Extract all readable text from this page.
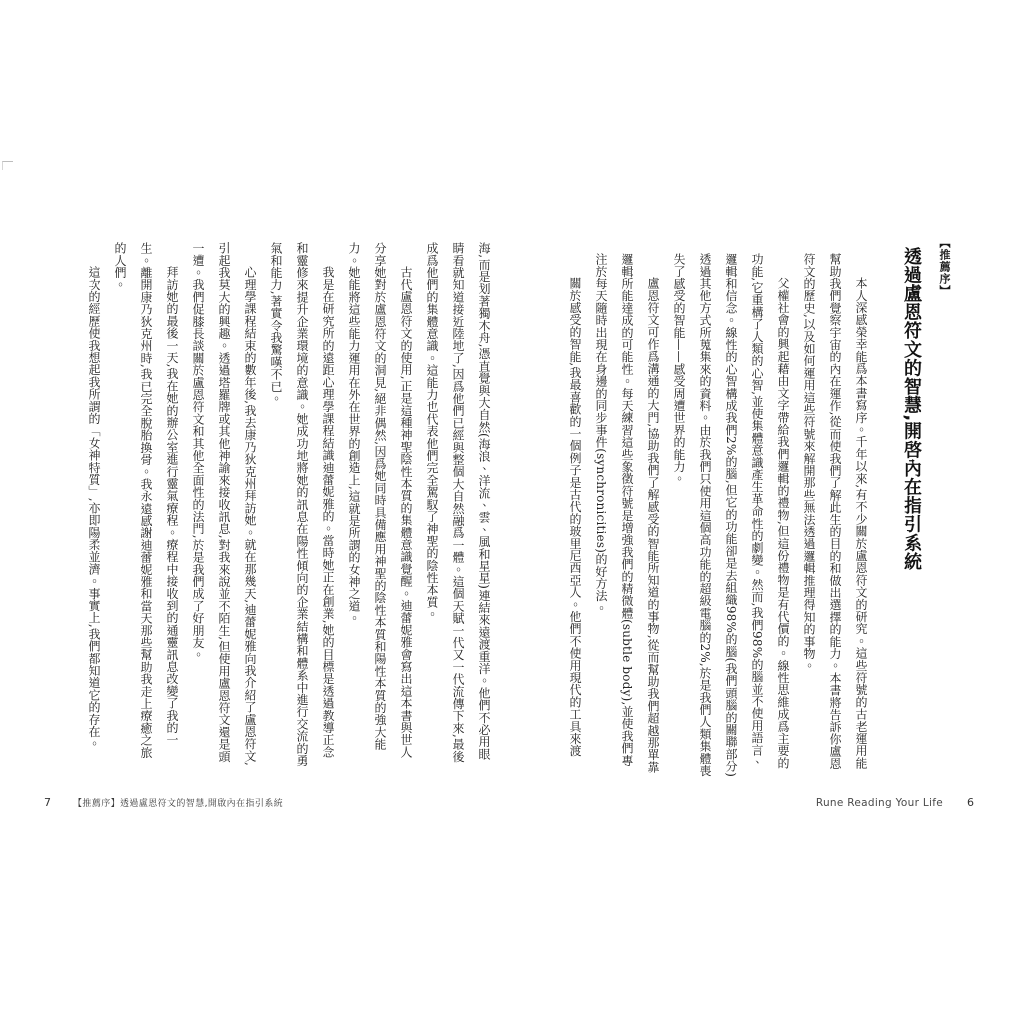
【推薦序】
透過盧恩符文的智慧,開啓內在指引系統

本人深感榮幸能爲本書寫序。千年以來,有不少關於盧恩符文的研究。這些符號的古老運用能幫助我們覺察宇宙的內在運作,從而使我們了解此生的目的和做出選擇的能力。本書將告訴你盧恩符文的歷史,以及如何運用這些符號來解開那些無法透過邏輯推理得知的事物。

父權社會的興起藉由文字帶給我們邏輯的禮物,但這份禮物是有代價的。線性思維成爲主要的功能,它重構了人類的心智,並使集體意識產生革命性的劇變。然而,我們98%的腦並不使用語言、邏輯和信念。線性的心智構成我們2%的腦,但它的功能卻是去組織98%的腦(我們頭腦的關聯部分)透過其他方式所蒐集來的資料。由於我們只使用這個高功能的超級電腦的2%,於是我們人類集體喪失了感受的智能——感受周遭世界的能力。

盧恩符文可作爲溝通的大門,協助我們了解感受的智能所知道的事物,從而幫助我們超越那單靠邏輯所能達成的可能性。每天練習這些象徵符號是增強我們的精微體(subtle body),並使我們專注於每天隨時出現在身邊的同步事件(synchronicities)的好方法。

關於感受的智能,我最喜歡的一個例子是古代的玻里尼西亞人。他們不使用現代的工具來渡

海,而是划著獨木舟,憑直覺與大自然(海浪、洋流、雲、風和星星)連結來遠渡重洋。他們不必用眼睛看就知道接近陸地了,因爲他們已經與整個大自然融爲一體。這個天賦一代又一代流傳下來,最後成爲他們的集體意識。這能力也代表他們完全駕馭了神聖的陰性本質。

古代盧恩符文的使用,正是這種神聖陰性本質的集體意識覺醒。迪蕾妮雅會寫出這本書與世人分享她對於盧恩符文的洞見,絕非偶然,因爲她同時具備應用神聖的陰性本質和陽性本質的強大能力。她能將這些能力運用在外在世界的創造上,這就是所謂的女神之道。

我是在研究所的遠距心理學課程結識迪蕾妮雅的。當時她正在創業,她的目標是透過教導正念和靈修來提升企業環境的意識。她成功地將她的訊息在陽性傾向的企業結構和體系中進行交流的勇氣和能力,著實令我驚嘆不已。

心理學課程結束的數年後,我去康乃狄克州拜訪她。就在那幾天,迪蕾妮雅向我介紹了盧恩符文,引起我莫大的興趣。透過塔羅牌或其他神諭來接收訊息,對我來說並不陌生,但使用盧恩符文還是頭一遭。我們促膝長談關於盧恩符文和其他全面性的法門,於是我們成了好朋友。

拜訪她的最後一天,我在她的辦公室進行靈氣療程。療程中接收到的通靈訊息改變了我的一生。離開康乃狄克州時,我已完全脫胎換骨。我永遠感謝迪蕾妮雅和當天那些幫助我走上療癒之旅的人們。

這次的經歷使我想起我所謂的「女神特質」,亦即陽柔並濟。事實上,我們都知道它的存在。

7 【推薦序】透過盧恩符文的智慧,開啟內在指引系統	Rune Reading Your Life 6
